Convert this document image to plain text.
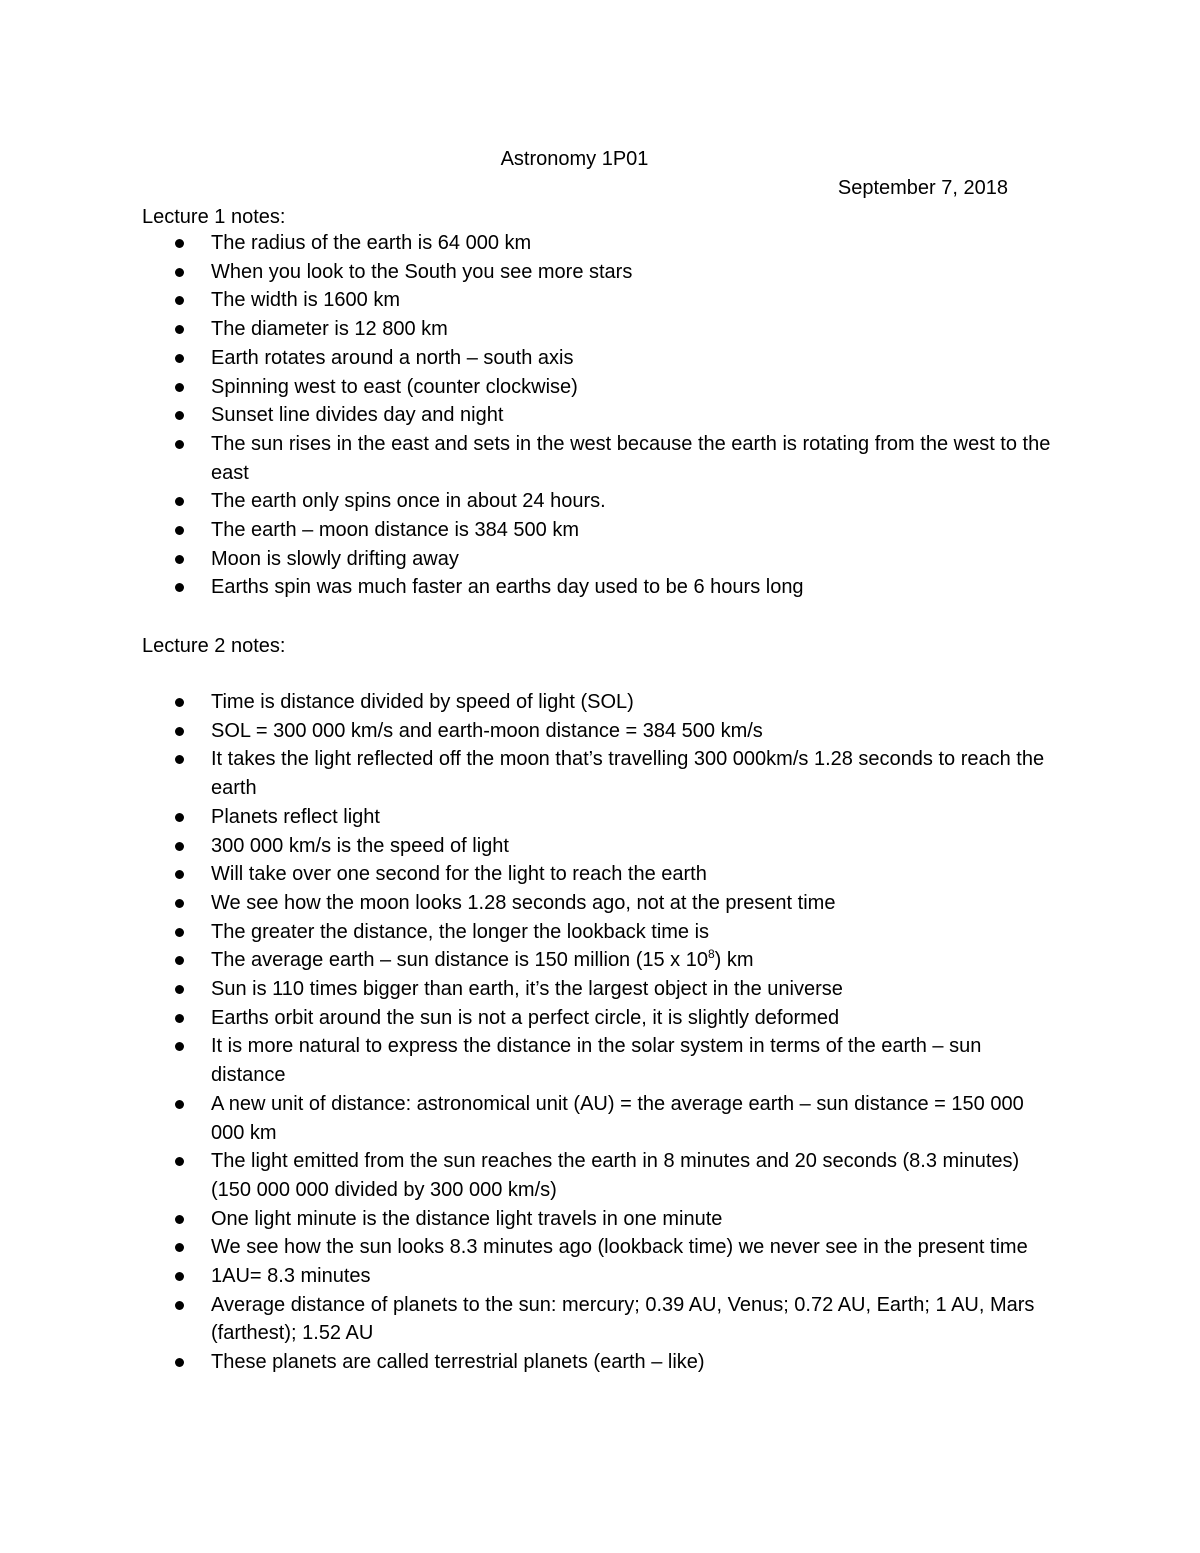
Astronomy 1P01
September 7, 2018
Lecture 1 notes:
The radius of the earth is 64 000 km
When you look to the South you see more stars
The width is 1600 km
The diameter is 12 800 km
Earth rotates around a north – south axis
Spinning west to east (counter clockwise)
Sunset line divides day and night
The sun rises in the east and sets in the west because the earth is rotating from the west to the east
The earth only spins once in about 24 hours.
The earth – moon distance is 384 500 km
Moon is slowly drifting away
Earths spin was much faster an earths day used to be 6 hours long
Lecture 2 notes:
Time is distance divided by speed of light (SOL)
SOL = 300 000 km/s and earth-moon distance = 384 500 km/s
It takes the light reflected off the moon that’s travelling 300 000km/s 1.28 seconds to reach the earth
Planets reflect light
300 000 km/s is the speed of light
Will take over one second for the light to reach the earth
We see how the moon looks 1.28 seconds ago, not at the present time
The greater the distance, the longer the lookback time is
The average earth – sun distance is 150 million (15 x $10^8$) km
Sun is 110 times bigger than earth, it’s the largest object in the universe
Earths orbit around the sun is not a perfect circle, it is slightly deformed
It is more natural to express the distance in the solar system in terms of the earth – sun distance
A new unit of distance: astronomical unit (AU) = the average earth – sun distance = 150 000 000 km
The light emitted from the sun reaches the earth in 8 minutes and 20 seconds (8.3 minutes) (150 000 000 divided by 300 000 km/s)
One light minute is the distance light travels in one minute
We see how the sun looks 8.3 minutes ago (lookback time) we never see in the present time
1AU= 8.3 minutes
Average distance of planets to the sun: mercury; 0.39 AU, Venus; 0.72 AU, Earth; 1 AU, Mars (farthest); 1.52 AU
These planets are called terrestrial planets (earth – like)
